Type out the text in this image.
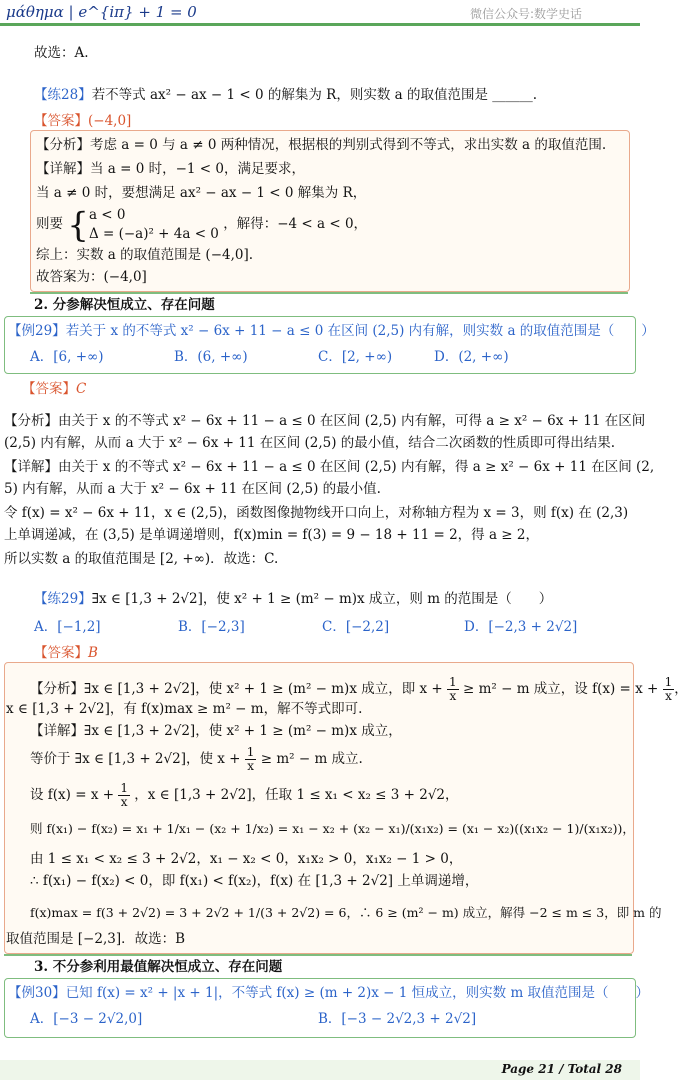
μάθημα | e^{iπ} + 1 = 0	微信公众号:数学史话
故选：A.
【练28】若不等式 ax² − ax − 1 < 0 的解集为 R，则实数 a 的取值范围是 ______.
【答案】(−4,0]
【分析】考虑 a = 0 与 a ≠ 0 两种情况，根据根的判别式得到不等式，求出实数 a 的取值范围.
【详解】当 a = 0 时，−1 < 0，满足要求，
当 a ≠ 0 时，要想满足 ax² − ax − 1 < 0 解集为 R，
则要 { a < 0
Δ = (−a)² + 4a < 0
，解得：−4 < a < 0，
综上：实数 a 的取值范围是 (−4,0].
故答案为：(−4,0]
2. 分参解决恒成立、存在问题
【例29】若关于 x 的不等式 x² − 6x + 11 − a ≤ 0 在区间 (2,5) 内有解，则实数 a 的取值范围是（　　）
A．[6, +∞)	B．(6, +∞)	C．[2, +∞)	D．(2, +∞)
【答案】C
【分析】由关于 x 的不等式 x² − 6x + 11 − a ≤ 0 在区间 (2,5) 内有解，可得 a ≥ x² − 6x + 11 在区间
(2,5) 内有解，从而 a 大于 x² − 6x + 11 在区间 (2,5) 的最小值，结合二次函数的性质即可得出结果.
【详解】由关于 x 的不等式 x² − 6x + 11 − a ≤ 0 在区间 (2,5) 内有解，得 a ≥ x² − 6x + 11 在区间 (2,
5) 内有解，从而 a 大于 x² − 6x + 11 在区间 (2,5) 的最小值.
令 f(x) = x² − 6x + 11，x ∈ (2,5)，函数图像抛物线开口向上，对称轴方程为 x = 3，则 f(x) 在 (2,3)
上单调递减，在 (3,5) 是单调递增则，f(x)min = f(3) = 9 − 18 + 11 = 2，得 a ≥ 2，
所以实数 a 的取值范围是 [2, +∞)．故选：C.
【练29】∃x ∈ [1,3 + 2√2]，使 x² + 1 ≥ (m² − m)x 成立，则 m 的范围是（　　）
A．[−1,2]	B．[−2,3]	C．[−2,2]	D．[−2,3 + 2√2]
【答案】B
【分析】∃x ∈ [1,3 + 2√2]，使 x² + 1 ≥ (m² − m)x 成立，即 $x + \frac{1}{x} \ge m^2 - m$ 成立，设 $f(x) = x + \frac{1}{x}$ ，
x ∈ [1,3 + 2√2]，有 f(x)max ≥ m² − m，解不等式即可.
【详解】∃x ∈ [1,3 + 2√2]，使 x² + 1 ≥ (m² − m)x 成立，
等价于 ∃x ∈ [1,3 + 2√2]，使 $x + \frac{1}{x} \ge m^2 - m$ 成立.
设 $f(x) = x + \frac{1}{x}$ ，x ∈ [1,3 + 2√2]，任取 1 ≤ x₁ < x₂ ≤ 3 + 2√2，
则 f(x₁) − f(x₂) = x₁ + 1/x₁ − (x₂ + 1/x₂) = x₁ − x₂ + (x₂ − x₁)/(x₁x₂) = (x₁ − x₂)((x₁x₂ − 1)/(x₁x₂))，
由 1 ≤ x₁ < x₂ ≤ 3 + 2√2，x₁ − x₂ < 0，x₁x₂ > 0，x₁x₂ − 1 > 0，
∴ f(x₁) − f(x₂) < 0，即 f(x₁) < f(x₂)，f(x) 在 [1,3 + 2√2] 上单调递增，
f(x)max = f(3 + 2√2) = 3 + 2√2 + 1/(3 + 2√2) = 6，∴ 6 ≥ (m² − m) 成立，解得 −2 ≤ m ≤ 3，即 m 的
取值范围是 [−2,3]．故选：B
3. 不分参利用最值解决恒成立、存在问题
【例30】已知 f(x) = x² + |x + 1|，不等式 f(x) ≥ (m + 2)x − 1 恒成立，则实数 m 取值范围是（　　）
A．[−3 − 2√2,0]	B．[−3 − 2√2,3 + 2√2]
Page 21 / Total 28
